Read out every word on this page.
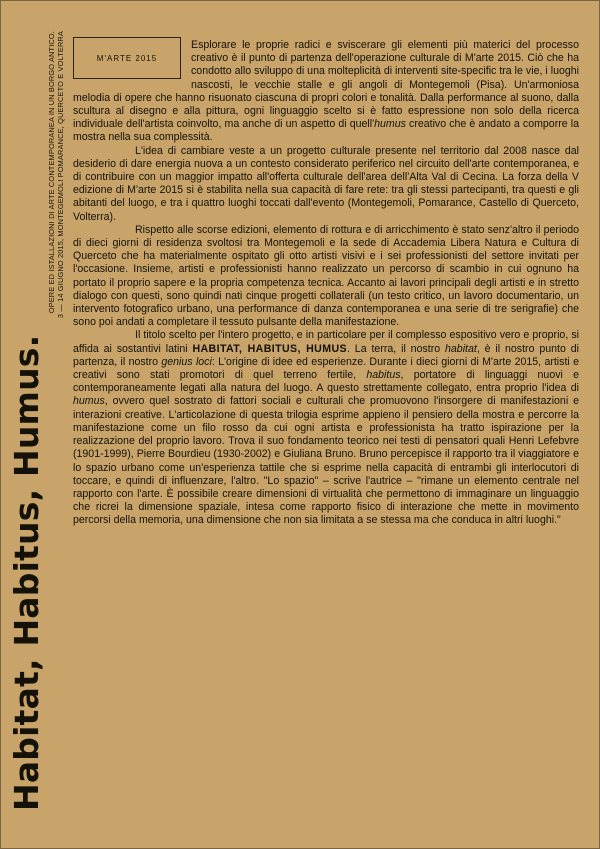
Habitat, Habitus, Humus.
OPERE ED ISTALLAZIONI DI ARTE CONTEMPORANEA IN UN BORGO ANTICO. 3 — 14 GIUGNO 2015, MONTEGEMOLI POMARANCE, QUERCETO E VOLTERRA	M'ARTE 2015

Esplorare le proprie radici e sviscerare gli elementi più materici del processo creativo è il punto di partenza dell'operazione culturale di M'arte 2015. Ciò che ha condotto allo sviluppo di una molteplicità di interventi site-specific tra le vie, i luoghi nascosti, le vecchie stalle e gli angoli di Montegemoli (Pisa). Un'armoniosa melodia di opere che hanno risuonato ciascuna di propri colori e tonalità. Dalla performance al suono, dalla scultura al disegno e alla pittura, ogni linguaggio scelto si è fatto espressione non solo della ricerca individuale dell'artista coinvolto, ma anche di un aspetto di quell'humus creativo che è andato a comporre la mostra nella sua complessità.

L'idea di cambiare veste a un progetto culturale presente nel territorio dal 2008 nasce dal desiderio di dare energia nuova a un contesto considerato periferico nel circuito dell'arte contemporanea, e di contribuire con un maggior impatto all'offerta culturale dell'area dell'Alta Val di Cecina. La forza della V edizione di M'arte 2015 si è stabilita nella sua capacità di fare rete: tra gli stessi partecipanti, tra questi e gli abitanti del luogo, e tra i quattro luoghi toccati dall'evento (Montegemoli, Pomarance, Castello di Querceto, Volterra).

Rispetto alle scorse edizioni, elemento di rottura e di arricchimento è stato senz'altro il periodo di dieci giorni di residenza svoltosi tra Montegemoli e la sede di Accademia Libera Natura e Cultura di Querceto che ha materialmente ospitato gli otto artisti visivi e i sei professionisti del settore invitati per l'occasione. Insieme, artisti e professionisti hanno realizzato un percorso di scambio in cui ognuno ha portato il proprio sapere e la propria competenza tecnica. Accanto ai lavori principali degli artisti e in stretto dialogo con questi, sono quindi nati cinque progetti collaterali (un testo critico, un lavoro documentario, un intervento fotografico urbano, una performance di danza contemporanea e una serie di tre serigrafie) che sono poi andati a completare il tessuto pulsante della manifestazione.

Il titolo scelto per l'intero progetto, e in particolare per il complesso espositivo vero e proprio, si affida ai sostantivi latini HABITAT, HABITUS, HUMUS. La terra, il nostro habitat, è il nostro punto di partenza, il nostro genius loci: L'origine di idee ed esperienze. Durante i dieci giorni di M'arte 2015, artisti e creativi sono stati promotori di quel terreno fertile, habitus, portatore di linguaggi nuovi e contemporaneamente legati alla natura del luogo. A questo strettamente collegato, entra proprio l'idea di humus, ovvero quel sostrato di fattori sociali e culturali che promuovono l'insorgere di manifestazioni e interazioni creative. L'articolazione di questa trilogia esprime appieno il pensiero della mostra e percorre la manifestazione come un filo rosso da cui ogni artista e professionista ha tratto ispirazione per la realizzazione del proprio lavoro. Trova il suo fondamento teorico nei testi di pensatori quali Henri Lefebvre (1901-1999), Pierre Bourdieu (1930-2002) e Giuliana Bruno. Bruno percepisce il rapporto tra il viaggiatore e lo spazio urbano come un'esperienza tattile che si esprime nella capacità di entrambi gli interlocutori di toccare, e quindi di influenzare, l'altro. "Lo spazio" – scrive l'autrice – "rimane un elemento centrale nel rapporto con l'arte. È possibile creare dimensioni di virtualità che permettono di immaginare un linguaggio che ricrei la dimensione spaziale, intesa come rapporto fisico di interazione che mette in movimento percorsi della memoria, una dimensione che non sia limitata a se stessa ma che conduca in altri luoghi."
